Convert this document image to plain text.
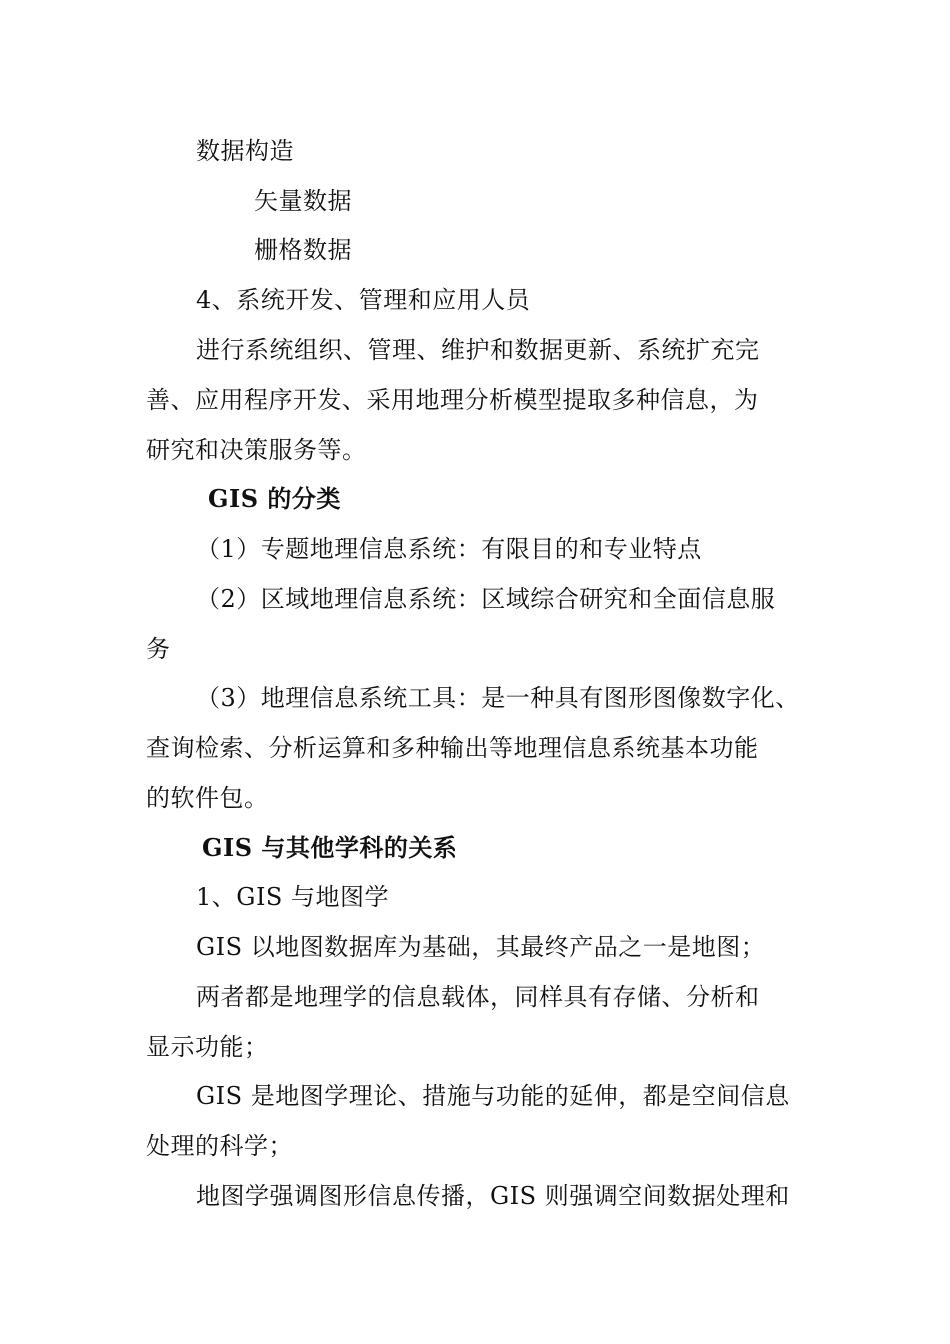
数据构造
矢量数据
栅格数据
4、系统开发、管理和应用人员
进行系统组织、管理、维护和数据更新、系统扩充完
善、应用程序开发、采用地理分析模型提取多种信息，为
研究和决策服务等。
GIS 的分类
（1）专题地理信息系统：有限目的和专业特点
（2）区域地理信息系统：区域综合研究和全面信息服
务
（3）地理信息系统工具：是一种具有图形图像数字化、
查询检索、分析运算和多种输出等地理信息系统基本功能
的软件包。
GIS 与其他学科的关系
1、GIS 与地图学
GIS 以地图数据库为基础，其最终产品之一是地图；
两者都是地理学的信息载体，同样具有存储、分析和
显示功能；
GIS 是地图学理论、措施与功能的延伸，都是空间信息
处理的科学；
地图学强调图形信息传播，GIS 则强调空间数据处理和
